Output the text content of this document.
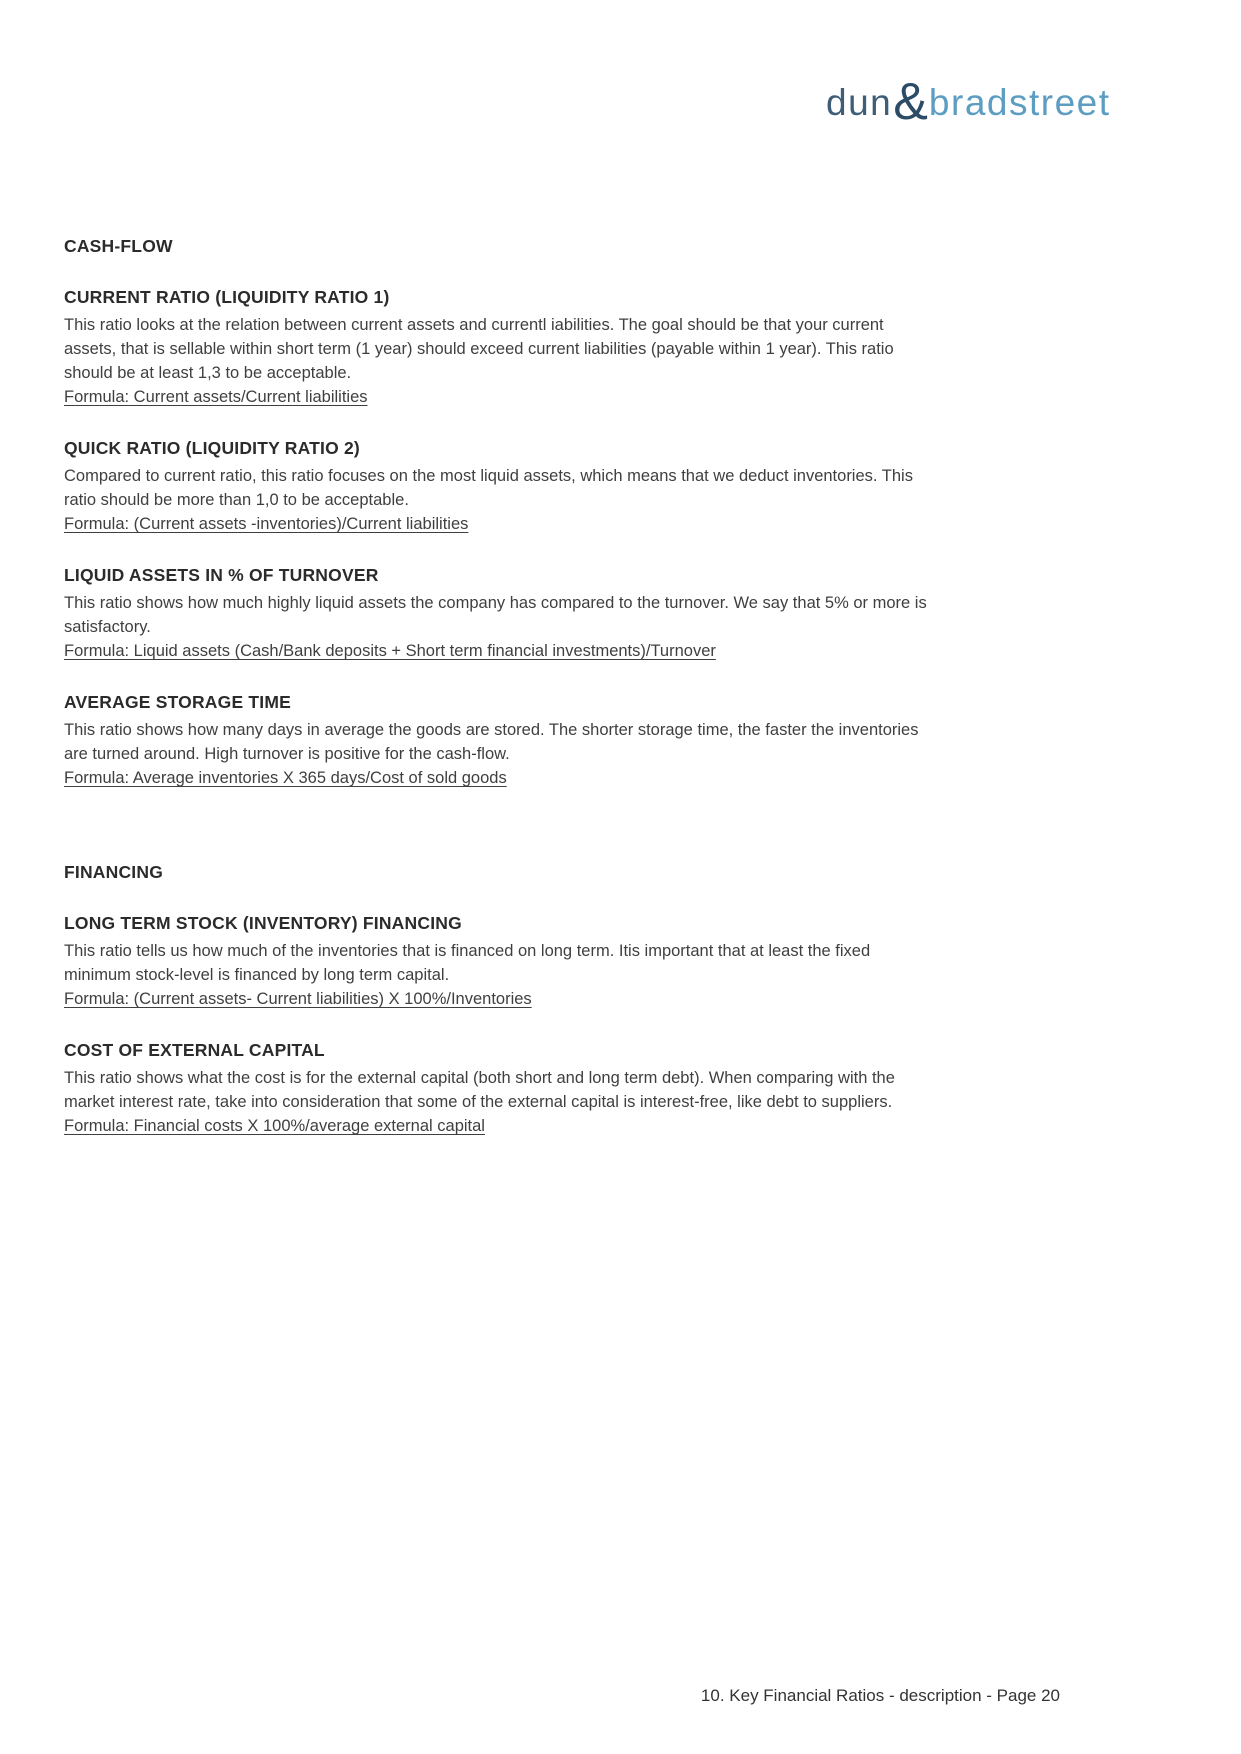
dun & bradstreet
CASH-FLOW
CURRENT RATIO (LIQUIDITY RATIO 1)

This ratio looks at the relation between current assets and currentl iabilities. The goal should be that your current

assets, that is sellable within short term (1 year) should exceed current liabilities (payable within 1 year). This ratio

should be at least 1,3 to be acceptable.

Formula: Current assets/Current liabilities

QUICK RATIO (LIQUIDITY RATIO 2)

Compared to current ratio, this ratio focuses on the most liquid assets, which means that we deduct inventories. This

ratio should be more than 1,0 to be acceptable.

Formula: (Current assets -inventories)/Current liabilities

LIQUID ASSETS IN % OF TURNOVER

This ratio shows how much highly liquid assets the company has compared to the turnover. We say that 5% or more is

satisfactory.

Formula: Liquid assets (Cash/Bank deposits + Short term financial investments)/Turnover

AVERAGE STORAGE TIME

This ratio shows how many days in average the goods are stored. The shorter storage time, the faster the inventories

are turned around. High turnover is positive for the cash-flow.

Formula: Average inventories X 365 days/Cost of sold goods

FINANCING
LONG TERM STOCK (INVENTORY) FINANCING

This ratio tells us how much of the inventories that is financed on long term. Itis important that at least the fixed

minimum stock-level is financed by long term capital.

Formula: (Current assets- Current liabilities) X 100%/Inventories

COST OF EXTERNAL CAPITAL

This ratio shows what the cost is for the external capital (both short and long term debt). When comparing with the

market interest rate, take into consideration that some of the external capital is interest-free, like debt to suppliers.

Formula: Financial costs X 100%/average external capital

10. Key Financial Ratios - description - Page 20
